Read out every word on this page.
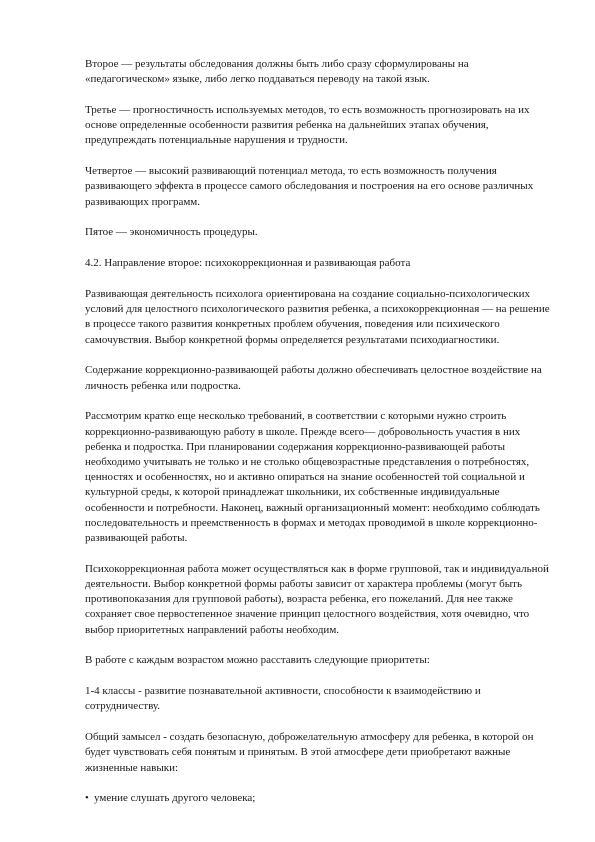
Второе — результаты обследования должны быть либо сразу сформулированы на «педагогическом» языке, либо легко поддаваться переводу на такой язык.

Третье — прогностичность используемых методов, то есть возможность прогнозировать на их основе определенные особенности развития ребенка на дальнейших этапах обучения, предупреждать потенциальные нарушения и трудности.

Четвертое — высокий развивающий потенциал метода, то есть возможность получения развивающего эффекта в процессе самого обследования и построения на его основе различных развивающих программ.

Пятое — экономичность процедуры.

4.2. Направление второе: психокоррекционная и развивающая работа

Развивающая деятельность психолога ориентирована на создание социально-психологических условий для целостного психологического развития ребенка, а психокоррекционная — на решение в процессе такого развития конкретных проблем обучения, поведения или психического самочувствия. Выбор конкретной формы определяется результатами психодиагностики.

Содержание коррекционно-развивающей работы должно обеспечивать целостное воздействие на личность ребенка или подростка.

Рассмотрим кратко еще несколько требований, в соответствии с которыми нужно строить коррекционно-развивающую работу в школе. Прежде всего— добровольность участия в них ребенка и подростка. При планировании содержания коррекционно-развивающей работы необходимо учитывать не только и не столько общевозрастные представления о потребностях, ценностях и особенностях, но и активно опираться на знание особенностей той социальной и культурной среды, к которой принадлежат школьники, их собственные индивидуальные особенности и потребности. Наконец, важный организационный момент: необходимо соблюдать последовательность и преемственность в формах и методах проводимой в школе коррекционно-развивающей работы.

Психокоррекционная работа может осуществляться как в форме групповой, так и индивидуальной деятельности. Выбор конкретной формы работы зависит от характера проблемы (могут быть противопоказания для групповой работы), возраста ребенка, его пожеланий. Для нее также сохраняет свое первостепенное значение принцип целостного воздействия, хотя очевидно, что выбор приоритетных направлений работы необходим.

В работе с каждым возрастом можно расставить следующие приоритеты:

1-4 классы - развитие познавательной активности, способности к взаимодействию и сотрудничеству.

Общий замысел - создать безопасную, доброжелательную атмосферу для ребенка, в которой он будет чувствовать себя понятым и принятым. В этой атмосфере дети приобретают важные жизненные навыки:

• умение слушать другого человека;
